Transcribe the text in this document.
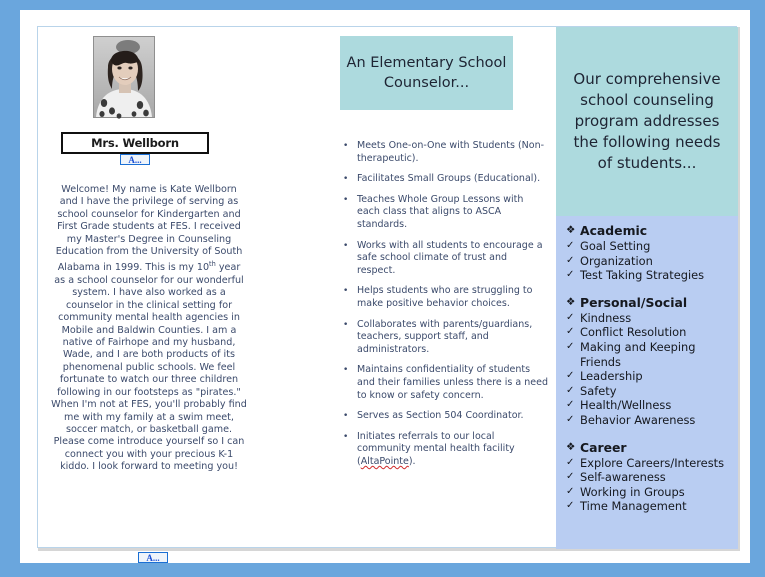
Mrs. Wellborn
A...
Welcome! My name is Kate Wellborn and I have the privilege of serving as school counselor for Kindergarten and First Grade students at FES. I received my Master's Degree in Counseling Education from the University of South Alabama in 1999. This is my 10th year as a school counselor for our wonderful system. I have also worked as a counselor in the clinical setting for community mental health agencies in Mobile and Baldwin Counties. I am a native of Fairhope and my husband, Wade, and I are both products of its phenomenal public schools. We feel fortunate to watch our three children following in our footsteps as "pirates." When I'm not at FES, you'll probably find me with my family at a swim meet, soccer match, or basketball game. Please come introduce yourself so I can connect you with your precious K-1 kiddo. I look forward to meeting you!
A...
An Elementary School Counselor...
• Meets One-on-One with Students (Non-therapeutic).
• Facilitates Small Groups (Educational).
• Teaches Whole Group Lessons with each class that aligns to ASCA standards.
• Works with all students to encourage a safe school climate of trust and respect.
• Helps students who are struggling to make positive behavior choices.
• Collaborates with parents/guardians, teachers, support staff, and administrators.
• Maintains confidentiality of students and their families unless there is a need to know or safety concern.
• Serves as Section 504 Coordinator.
• Initiates referrals to our local community mental health facility (AltaPointe).
Our comprehensive school counseling program addresses the following needs of students...
❖ Academic
✓ Goal Setting
✓ Organization
✓ Test Taking Strategies
❖ Personal/Social
✓ Kindness
✓ Conflict Resolution
✓ Making and Keeping Friends
✓ Leadership
✓ Safety
✓ Health/Wellness
✓ Behavior Awareness
❖ Career
✓ Explore Careers/Interests
✓ Self-awareness
✓ Working in Groups
✓ Time Management
